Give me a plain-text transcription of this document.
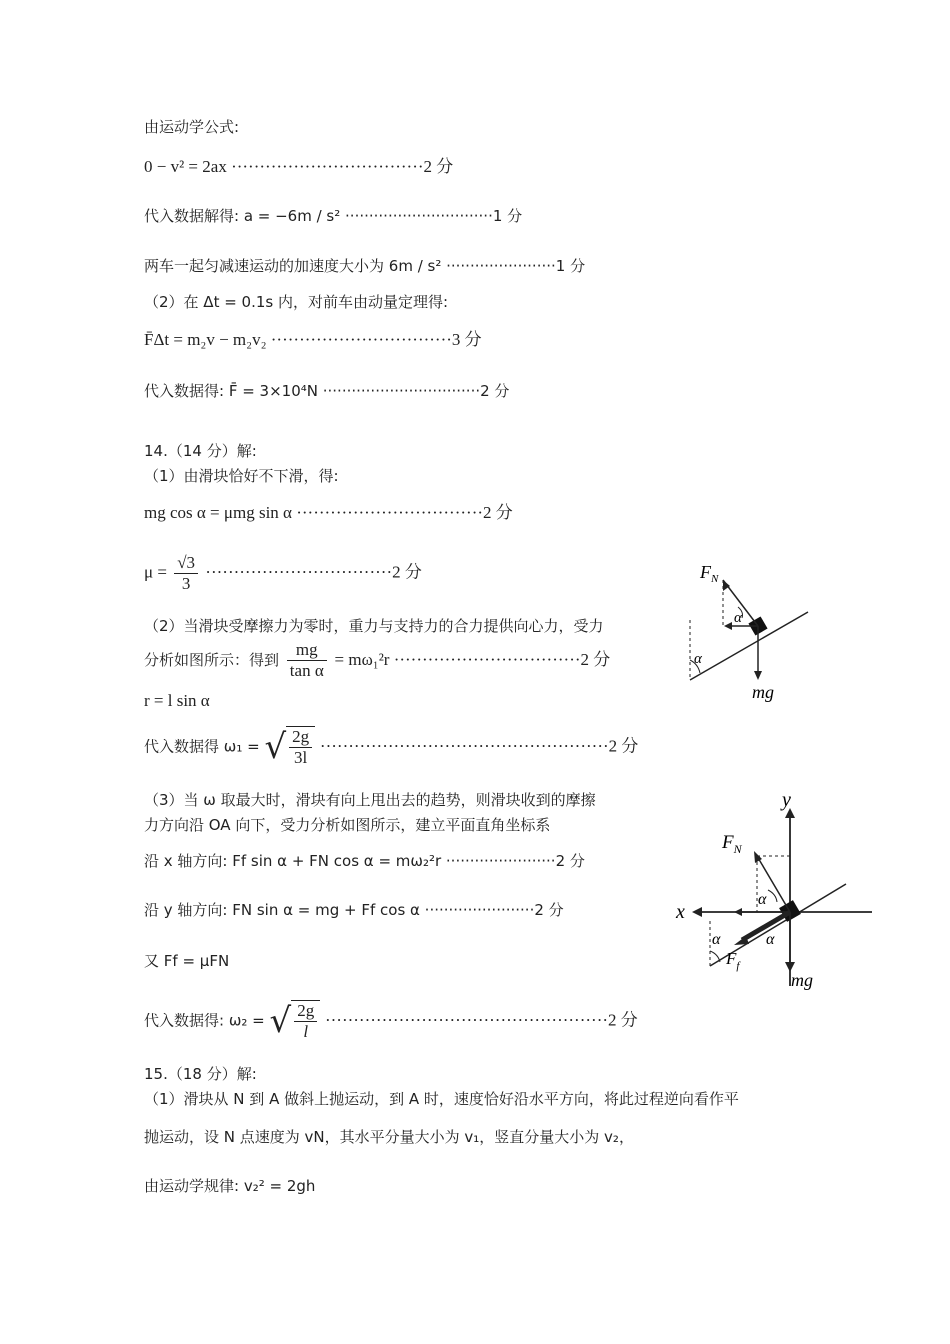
由运动学公式:
0 − v² = 2ax ··································2 分
代入数据解得: a = −6m / s² ·······························1 分
两车一起匀减速运动的加速度大小为 6m / s² ·······················1 分
（2）在 Δt = 0.1s 内，对前车由动量定理得:
F̄Δt = m₂v − m₂v₂ ································3 分
代入数据得: F̄ = 3×10⁴N ·································2 分
14.（14 分）解:
（1）由滑块恰好不下滑，得:
mg cos α = μmg sin α ·································2 分
$\mu = \frac{√3}{3} \cdot\cdot\cdot\cdot\cdot\cdot\cdot\cdot\cdot\cdot\cdot\cdot\cdot\cdot\cdot\cdot\cdot\cdot\cdot\cdot\cdot\cdot\cdot\cdot\cdot\cdot\cdot\cdot\cdot\cdot\cdot\cdot\cdot 2$ 分
（2）当滑块受摩擦力为零时，重力与支持力的合力提供向心力，受力
分析如图所示：得到 $\frac{mg}{\text{tan α}} = m\omega_1^2r \cdot\cdot\cdot\cdot\cdot\cdot\cdot\cdot\cdot\cdot\cdot\cdot\cdot\cdot\cdot\cdot\cdot\cdot\cdot\cdot\cdot\cdot\cdot\cdot\cdot\cdot\cdot\cdot\cdot\cdot\cdot\cdot\cdot 2$ 分
r = l sin α
代入数据得 ω₁ = √ $\frac{2g}{3l} \cdot\cdot\cdot\cdot\cdot\cdot\cdot\cdot\cdot\cdot\cdot\cdot\cdot\cdot\cdot\cdot\cdot\cdot\cdot\cdot\cdot\cdot\cdot\cdot\cdot\cdot\cdot\cdot\cdot\cdot\cdot\cdot\cdot\cdot\cdot\cdot\cdot\cdot\cdot\cdot\cdot\cdot\cdot\cdot\cdot\cdot\cdot\cdot\cdot\cdot\cdot 2$ 分
（3）当 ω 取最大时，滑块有向上甩出去的趋势，则滑块收到的摩擦
力方向沿 OA 向下，受力分析如图所示，建立平面直角坐标系
沿 x 轴方向: Ff sin α + FN cos α = mω₂²r ·······················2 分
沿 y 轴方向: FN sin α = mg + Ff cos α ·······················2 分
又 Ff = μFN
代入数据得: ω₂ = √ $\frac{2g}{l} \cdot\cdot\cdot\cdot\cdot\cdot\cdot\cdot\cdot\cdot\cdot\cdot\cdot\cdot\cdot\cdot\cdot\cdot\cdot\cdot\cdot\cdot\cdot\cdot\cdot\cdot\cdot\cdot\cdot\cdot\cdot\cdot\cdot\cdot\cdot\cdot\cdot\cdot\cdot\cdot\cdot\cdot\cdot\cdot\cdot\cdot\cdot\cdot\cdot\cdot 2$ 分
15.（18 分）解:
（1）滑块从 N 到 A 做斜上抛运动，到 A 时，速度恰好沿水平方向，将此过程逆向看作平
抛运动，设 N 点速度为 vN，其水平分量大小为 v₁，竖直分量大小为 v₂，
由运动学规律: v₂² = 2gh
$F_N$
α
α
mg
y
x
$F_N$
α
α
α
$F_f$
mg
